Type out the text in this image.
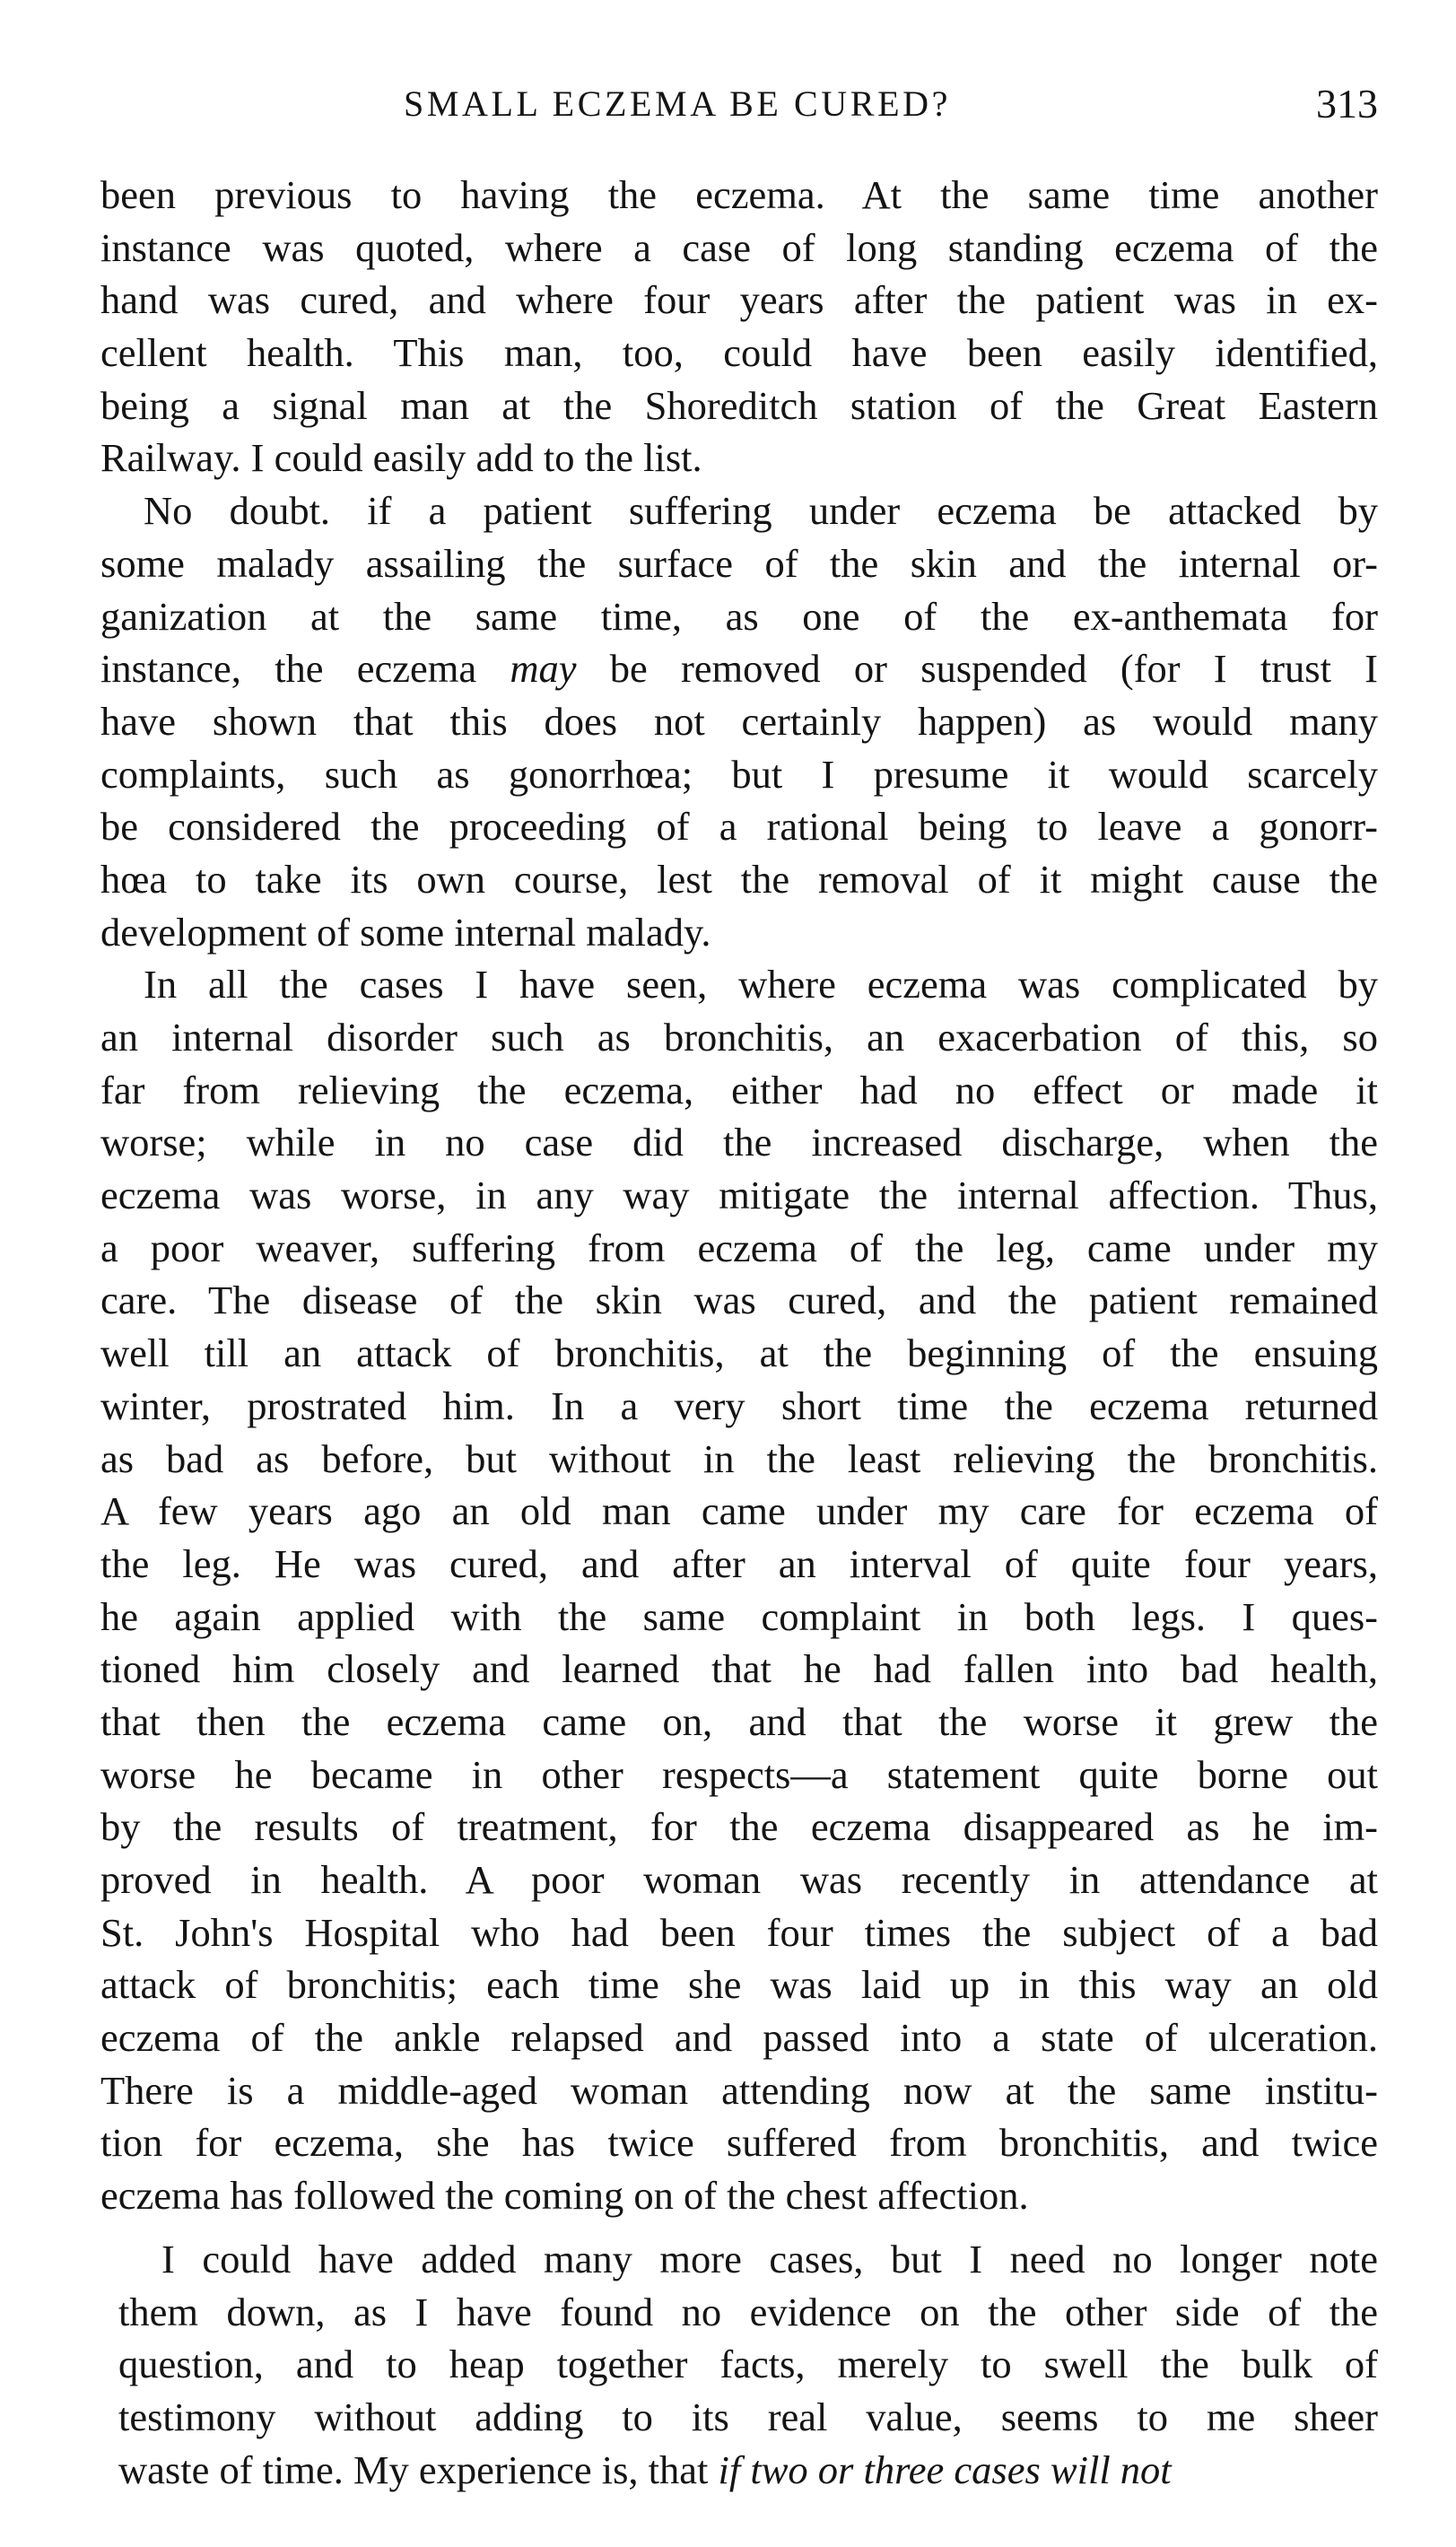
SMALL ECZEMA BE CURED?	313
been previous to having the eczema. At the same time another
instance was quoted, where a case of long standing eczema of the
hand was cured, and where four years after the patient was in ex-
cellent health. This man, too, could have been easily identified,
being a signal man at the Shoreditch station of the Great Eastern
Railway. I could easily add to the list.
No doubt. if a patient suffering under eczema be attacked by
some malady assailing the surface of the skin and the internal or-
ganization at the same time, as one of the ex-anthemata for
instance, the eczema may be removed or suspended (for I trust I
have shown that this does not certainly happen) as would many
complaints, such as gonorrhœa; but I presume it would scarcely
be considered the proceeding of a rational being to leave a gonorr-
hœa to take its own course, lest the removal of it might cause the
development of some internal malady.
In all the cases I have seen, where eczema was complicated by
an internal disorder such as bronchitis, an exacerbation of this, so
far from relieving the eczema, either had no effect or made it
worse; while in no case did the increased discharge, when the
eczema was worse, in any way mitigate the internal affection. Thus,
a poor weaver, suffering from eczema of the leg, came under my
care. The disease of the skin was cured, and the patient remained
well till an attack of bronchitis, at the beginning of the ensuing
winter, prostrated him. In a very short time the eczema returned
as bad as before, but without in the least relieving the bronchitis.
A few years ago an old man came under my care for eczema of
the leg. He was cured, and after an interval of quite four years,
he again applied with the same complaint in both legs. I ques-
tioned him closely and learned that he had fallen into bad health,
that then the eczema came on, and that the worse it grew the
worse he became in other respects—a statement quite borne out
by the results of treatment, for the eczema disappeared as he im-
proved in health. A poor woman was recently in attendance at
St. John's Hospital who had been four times the subject of a bad
attack of bronchitis; each time she was laid up in this way an old
eczema of the ankle relapsed and passed into a state of ulceration.
There is a middle-aged woman attending now at the same institu-
tion for eczema, she has twice suffered from bronchitis, and twice
eczema has followed the coming on of the chest affection.
I could have added many more cases, but I need no longer note
them down, as I have found no evidence on the other side of the
question, and to heap together facts, merely to swell the bulk of
testimony without adding to its real value, seems to me sheer
waste of time. My experience is, that if two or three cases will not
